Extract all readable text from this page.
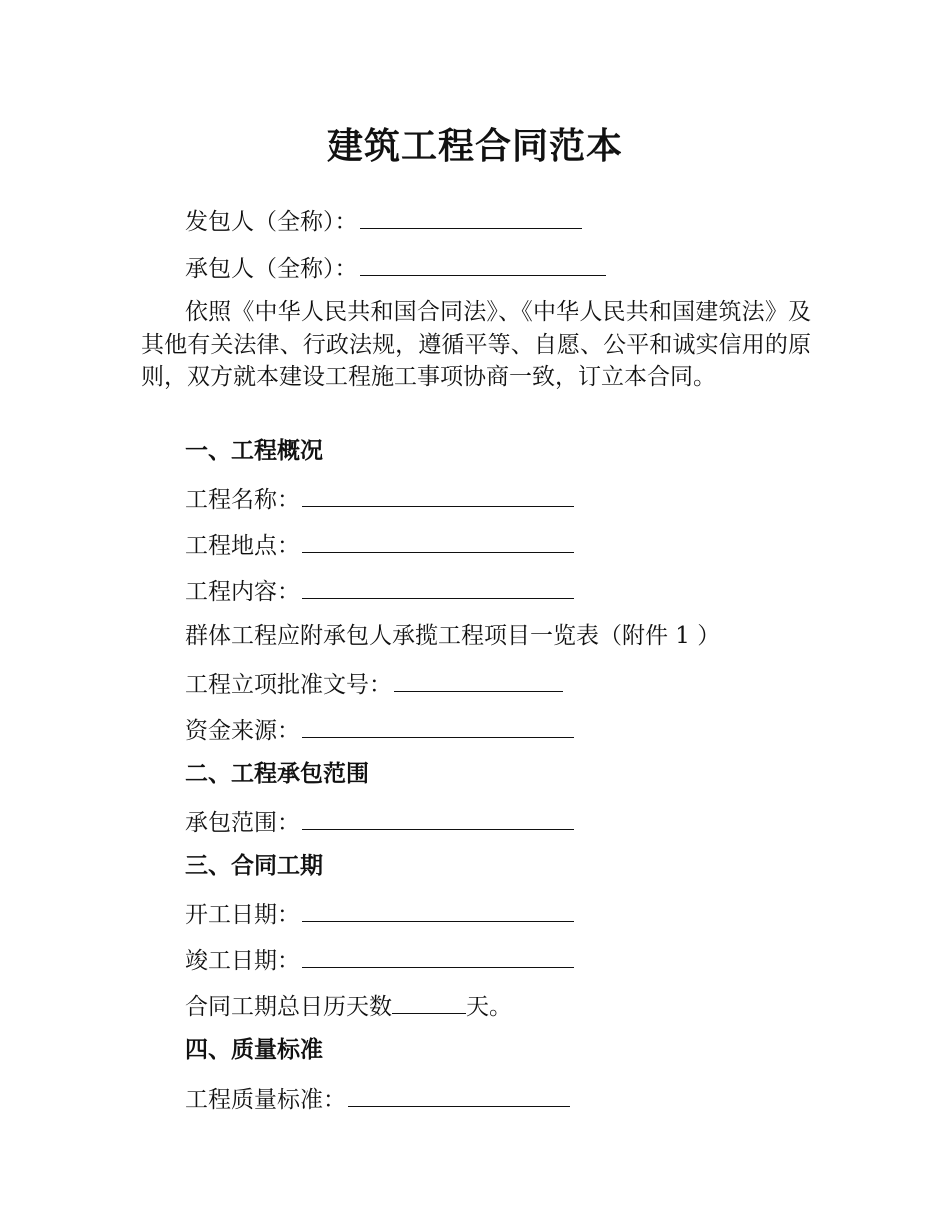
建筑工程合同范本
发包人（全称）：
承包人（全称）：
依照《中华人民共和国合同法》、《中华人民共和国建筑法》及其他有关法律、行政法规，遵循平等、自愿、公平和诚实信用的原则，双方就本建设工程施工事项协商一致，订立本合同。
一、工程概况
工程名称：
工程地点：
工程内容：
群体工程应附承包人承揽工程项目一览表（附件 1 ）
工程立项批准文号：
资金来源：
二、工程承包范围
承包范围：
三、合同工期
开工日期：
竣工日期：
合同工期总日历天数	天。
四、质量标准
工程质量标准：
